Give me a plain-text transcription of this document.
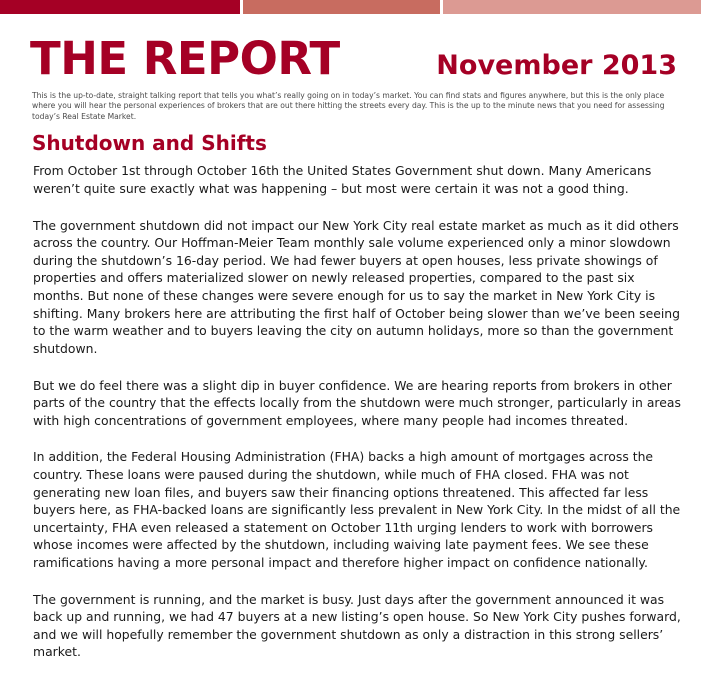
THE REPORT	November 2013

This is the up-to-date, straight talking report that tells you what’s really going on in today’s market. You can find stats and figures anywhere, but this is the only place where you will hear the personal experiences of brokers that are out there hitting the streets every day. This is the up to the minute news that you need for assessing today’s Real Estate Market.

Shutdown and Shifts

From October 1st through October 16th the United States Government shut down. Many Americans weren’t quite sure exactly what was happening – but most were certain it was not a good thing.

The government shutdown did not impact our New York City real estate market as much as it did others across the country. Our Hoffman-Meier Team monthly sale volume experienced only a minor slowdown during the shutdown’s 16-day period. We had fewer buyers at open houses, less private showings of properties and offers materialized slower on newly released properties, compared to the past six months. But none of these changes were severe enough for us to say the market in New York City is shifting. Many brokers here are attributing the first half of October being slower than we’ve been seeing to the warm weather and to buyers leaving the city on autumn holidays, more so than the government shutdown.

But we do feel there was a slight dip in buyer confidence. We are hearing reports from brokers in other parts of the country that the effects locally from the shutdown were much stronger, particularly in areas with high concentrations of government employees, where many people had incomes threated.

In addition, the Federal Housing Administration (FHA) backs a high amount of mortgages across the country. These loans were paused during the shutdown, while much of FHA closed. FHA was not generating new loan files, and buyers saw their financing options threatened. This affected far less buyers here, as FHA-backed loans are significantly less prevalent in New York City. In the midst of all the uncertainty, FHA even released a statement on October 11th urging lenders to work with borrowers whose incomes were affected by the shutdown, including waiving late payment fees. We see these ramifications having a more personal impact and therefore higher impact on confidence nationally.

The government is running, and the market is busy. Just days after the government announced it was back up and running, we had 47 buyers at a new listing’s open house. So New York City pushes forward, and we will hopefully remember the government shutdown as only a distraction in this strong sellers’ market.
